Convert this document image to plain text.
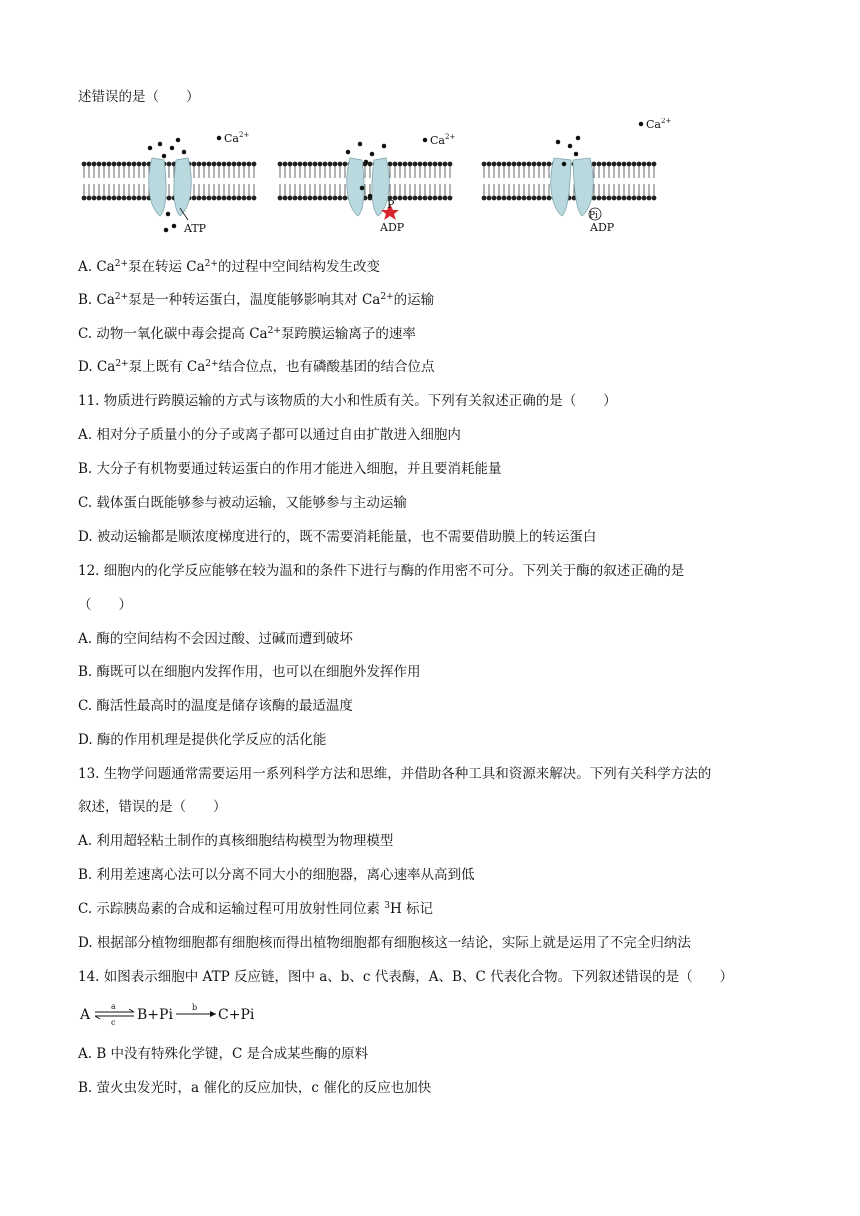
述错误的是（　　）
Ca 2+
ATP
Ca 2+
P
ADP
Ca 2+
Pi
ADP
A. $Ca^{2+}$泵在转运 $Ca^{2+}$的过程中空间结构发生改变
B. $Ca^{2+}$泵是一种转运蛋白，温度能够影响其对 $Ca^{2+}$的运输
C. 动物一氧化碳中毒会提高 $Ca^{2+}$泵跨膜运输离子的速率
D. $Ca^{2+}$泵上既有 $Ca^{2+}$结合位点，也有磷酸基团的结合位点
11. 物质进行跨膜运输的方式与该物质的大小和性质有关。下列有关叙述正确的是（　　）
A. 相对分子质量小的分子或离子都可以通过自由扩散进入细胞内
B. 大分子有机物要通过转运蛋白的作用才能进入细胞，并且要消耗能量
C. 载体蛋白既能够参与被动运输，又能够参与主动运输
D. 被动运输都是顺浓度梯度进行的，既不需要消耗能量，也不需要借助膜上的转运蛋白
12. 细胞内的化学反应能够在较为温和的条件下进行与酶的作用密不可分。下列关于酶的叙述正确的是
（　　）
A. 酶的空间结构不会因过酸、过碱而遭到破坏
B. 酶既可以在细胞内发挥作用，也可以在细胞外发挥作用
C. 酶活性最高时的温度是储存该酶的最适温度
D. 酶的作用机理是提供化学反应的活化能
13. 生物学问题通常需要运用一系列科学方法和思维，并借助各种工具和资源来解决。下列有关科学方法的
叙述，错误的是（　　）
A. 利用超轻粘土制作的真核细胞结构模型为物理模型
B. 利用差速离心法可以分离不同大小的细胞器，离心速率从高到低
C. 示踪胰岛素的合成和运输过程可用放射性同位素 $^3$H 标记
D. 根据部分植物细胞都有细胞核而得出植物细胞都有细胞核这一结论，实际上就是运用了不完全归纳法
14. 如图表示细胞中 ATP 反应链，图中 a、b、c 代表酶，A、B、C 代表化合物。下列叙述错误的是（　　）
A
a
c B+Pi b C+Pi
A. B 中没有特殊化学键，C 是合成某些酶的原料
B. 萤火虫发光时，a 催化的反应加快，c 催化的反应也加快
